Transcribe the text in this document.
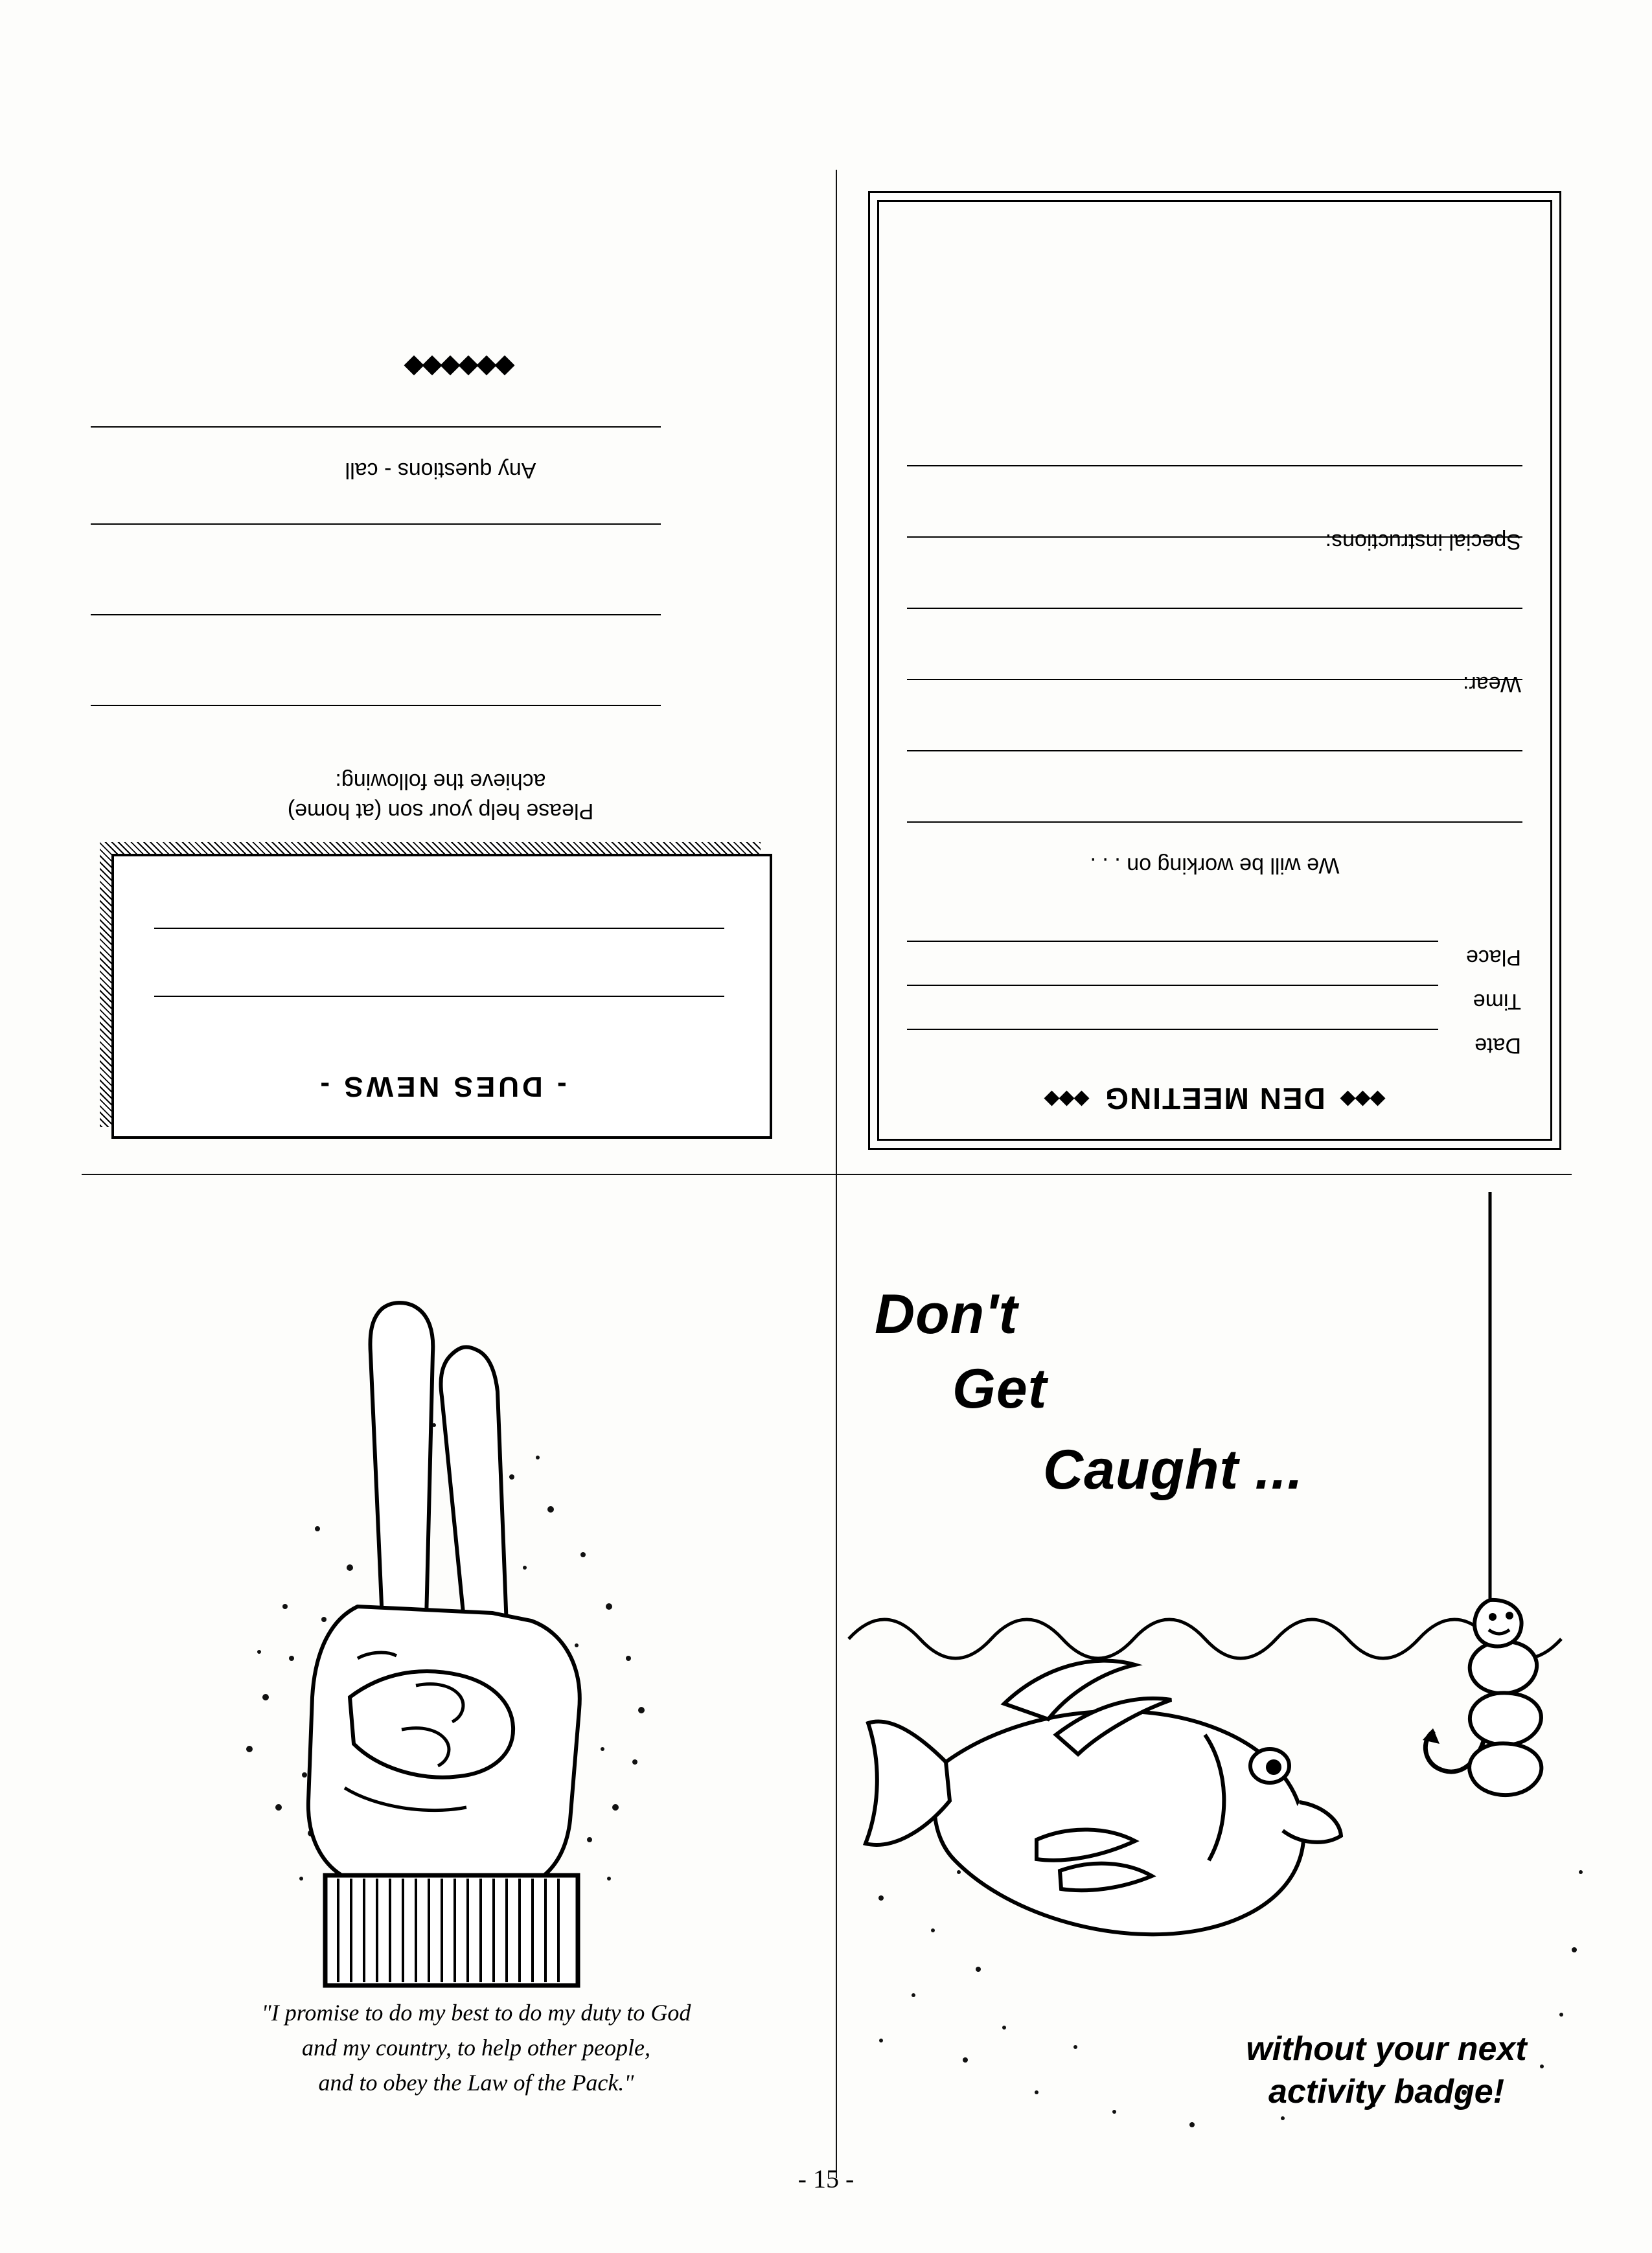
- DUES NEWS -
Please help your son (at home)
achieve the following:
Any questions - call
DEN MEETING
Date
Time
Place
We will be working on . . .
Wear:
Special instructions:
"I promise to do my best to do my duty to God
and my country, to help other people,
and to obey the Law of the Pack."
Don't
Get
Caught ...
without your next
activity badge!
- 15 -
